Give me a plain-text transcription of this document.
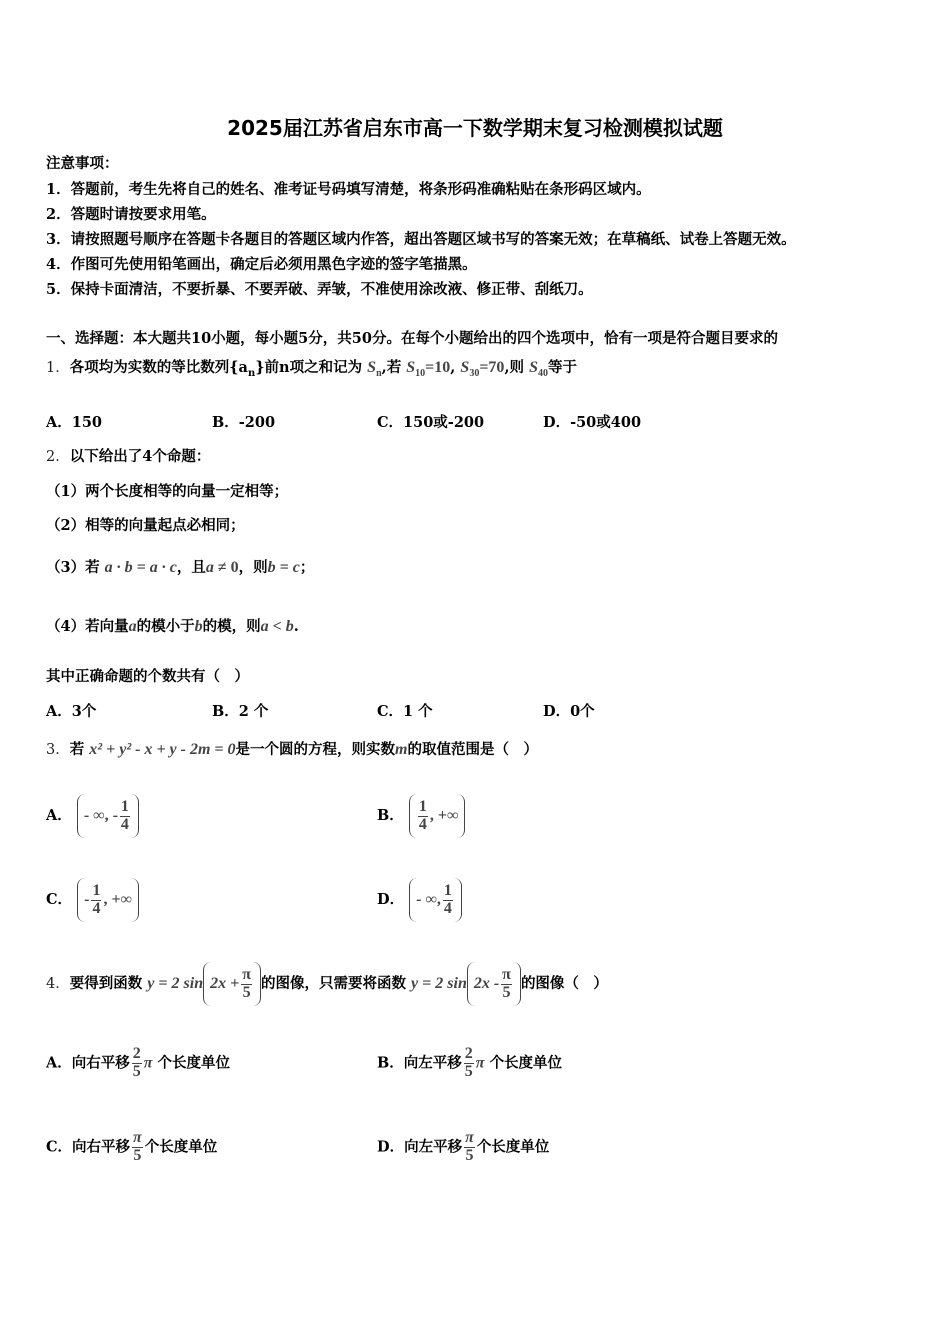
2025届江苏省启东市高一下数学期末复习检测模拟试题
注意事项：
1．答题前，考生先将自己的姓名、准考证号码填写清楚，将条形码准确粘贴在条形码区域内。
2．答题时请按要求用笔。
3．请按照题号顺序在答题卡各题目的答题区域内作答，超出答题区域书写的答案无效；在草稿纸、试卷上答题无效。
4．作图可先使用铅笔画出，确定后必须用黑色字迹的签字笔描黑。
5．保持卡面清洁，不要折暴、不要弄破、弄皱，不准使用涂改液、修正带、刮纸刀。
一、选择题：本大题共10小题，每小题5分，共50分。在每个小题给出的四个选项中，恰有一项是符合题目要求的
1．各项均为实数的等比数列$\{a_n\}$前n项之和记为 $S_n$,若 $S_{10}=10$, $S_{30}=70$,则 $S_{40}$等于
A．150	B．-200	C．150或-200	D．-50或400
2．以下给出了4个命题：
（1）两个长度相等的向量一定相等；
（2）相等的向量起点必相同；
（3）若 a · b = a · c，且a ≠ 0，则b = c；
（4）若向量a的模小于b的模，则a < b.
其中正确命题的个数共有（　）
A．3个	B．2 个	C．1 个	D．0个
3．若 x² + y² - x + y - 2m = 0是一个圆的方程，则实数m的取值范围是（　）
A． - ∞, - $\frac{1}{4}$	B． $\frac{1}{4}$ , +∞
C． - $\frac{1}{4}$ , +∞	D． - ∞, $\frac{1}{4}$
4．要得到函数 y = 2 $\sin 2x + \frac{\pi}{5}$ 的图像，只需要将函数 y = 2 $\sin 2x - \frac{\pi}{5}$ 的图像（　）
A．向右平移 $\frac{2}{5}$ π 个长度单位	B．向左平移 $\frac{2}{5}$ π 个长度单位
C．向右平移 $\frac{\pi}{5}$ 个长度单位	D．向左平移 $\frac{\pi}{5}$ 个长度单位
